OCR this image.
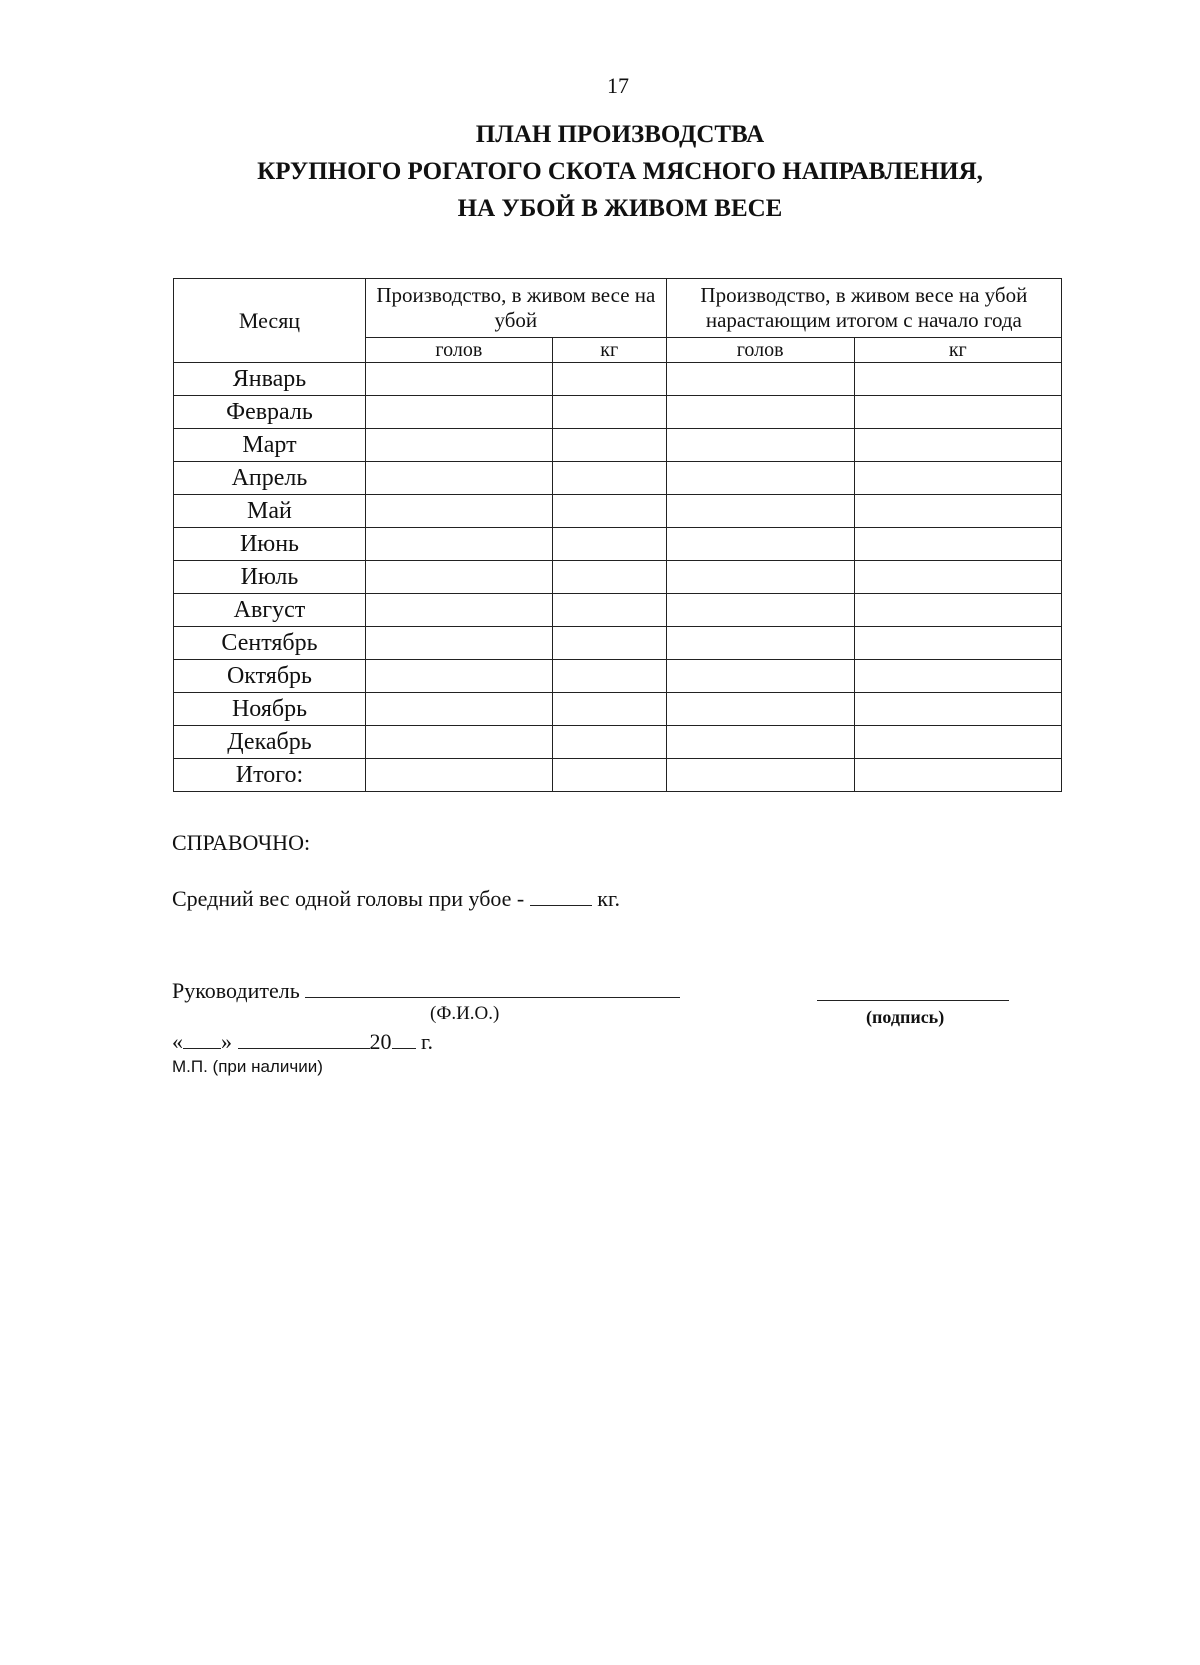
17
ПЛАН ПРОИЗВОДСТВА
КРУПНОГО РОГАТОГО СКОТА МЯСНОГО НАПРАВЛЕНИЯ,
НА УБОЙ В ЖИВОМ ВЕСЕ
Месяц	Производство, в живом весе на убой		Производство, в живом весе на убой нарастающим итогом с начало года	
	голов	кг	голов	кг
Январь				
Февраль				
Март				
Апрель				
Май				
Июнь				
Июль				
Август				
Сентябрь				
Октябрь				
Ноябрь				
Декабрь				
Итого:				
СПРАВОЧНО:
Средний вес одной головы при убое -	кг.
Руководитель
(Ф.И.О.)	(подпись)
« »	20 г.
М.П. (при наличии)
